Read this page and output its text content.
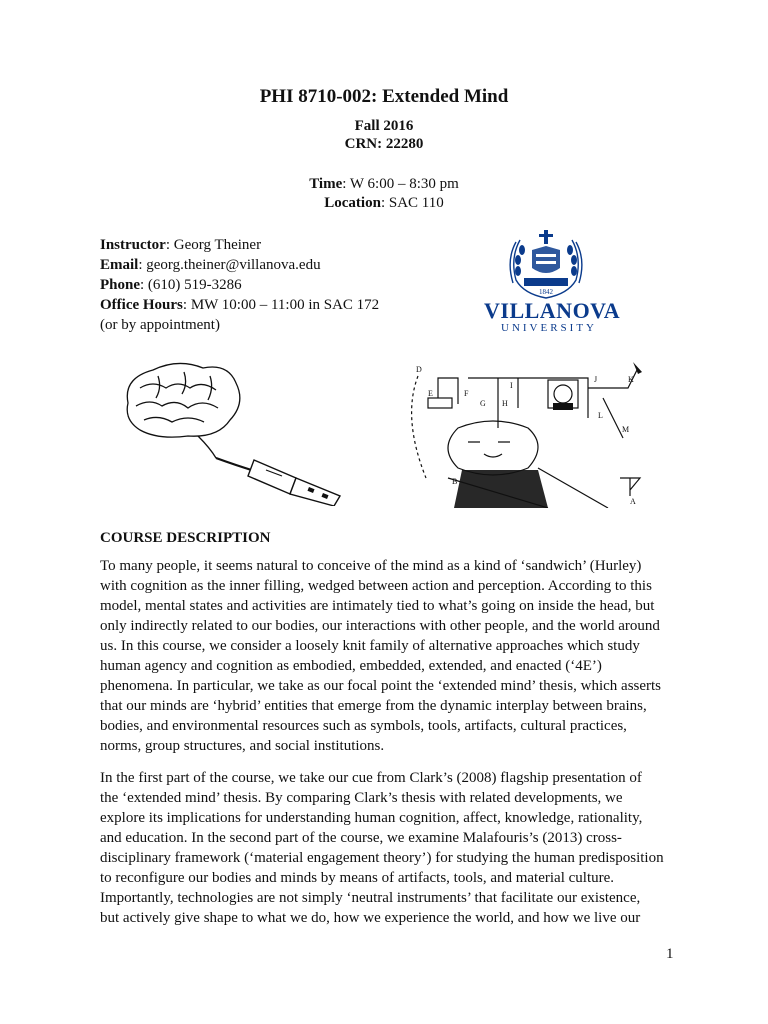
PHI 8710-002: Extended Mind
Fall 2016
CRN: 22280
Time: W 6:00 – 8:30 pm
Location: SAC 110
Instructor: Georg Theiner
Email: georg.theiner@villanova.edu
Phone: (610) 519-3286
Office Hours: MW 10:00 – 11:00 in SAC 172
(or by appointment)
1842
VILLANOVA
UNIVERSITY
D
I
J	K
E	F
G H
L
M
B
A
COURSE DESCRIPTION
To many people, it seems natural to conceive of the mind as a kind of ‘sandwich’ (Hurley)
with cognition as the inner filling, wedged between action and perception. According to this
model, mental states and activities are intimately tied to what’s going on inside the head, but
only indirectly related to our bodies, our interactions with other people, and the world around
us. In this course, we consider a loosely knit family of alternative approaches which study
human agency and cognition as embodied, embedded, extended, and enacted (‘4E’)
phenomena. In particular, we take as our focal point the ‘extended mind’ thesis, which asserts
that our minds are ‘hybrid’ entities that emerge from the dynamic interplay between brains,
bodies, and environmental resources such as symbols, tools, artifacts, cultural practices,
norms, group structures, and social institutions.
In the first part of the course, we take our cue from Clark’s (2008) flagship presentation of
the ‘extended mind’ thesis. By comparing Clark’s thesis with related developments, we
explore its implications for understanding human cognition, affect, knowledge, rationality,
and education. In the second part of the course, we examine Malafouris’s (2013) cross-
disciplinary framework (‘material engagement theory’) for studying the human predisposition
to reconfigure our bodies and minds by means of artifacts, tools, and material culture.
Importantly, technologies are not simply ‘neutral instruments’ that facilitate our existence,
but actively give shape to what we do, how we experience the world, and how we live our
1
